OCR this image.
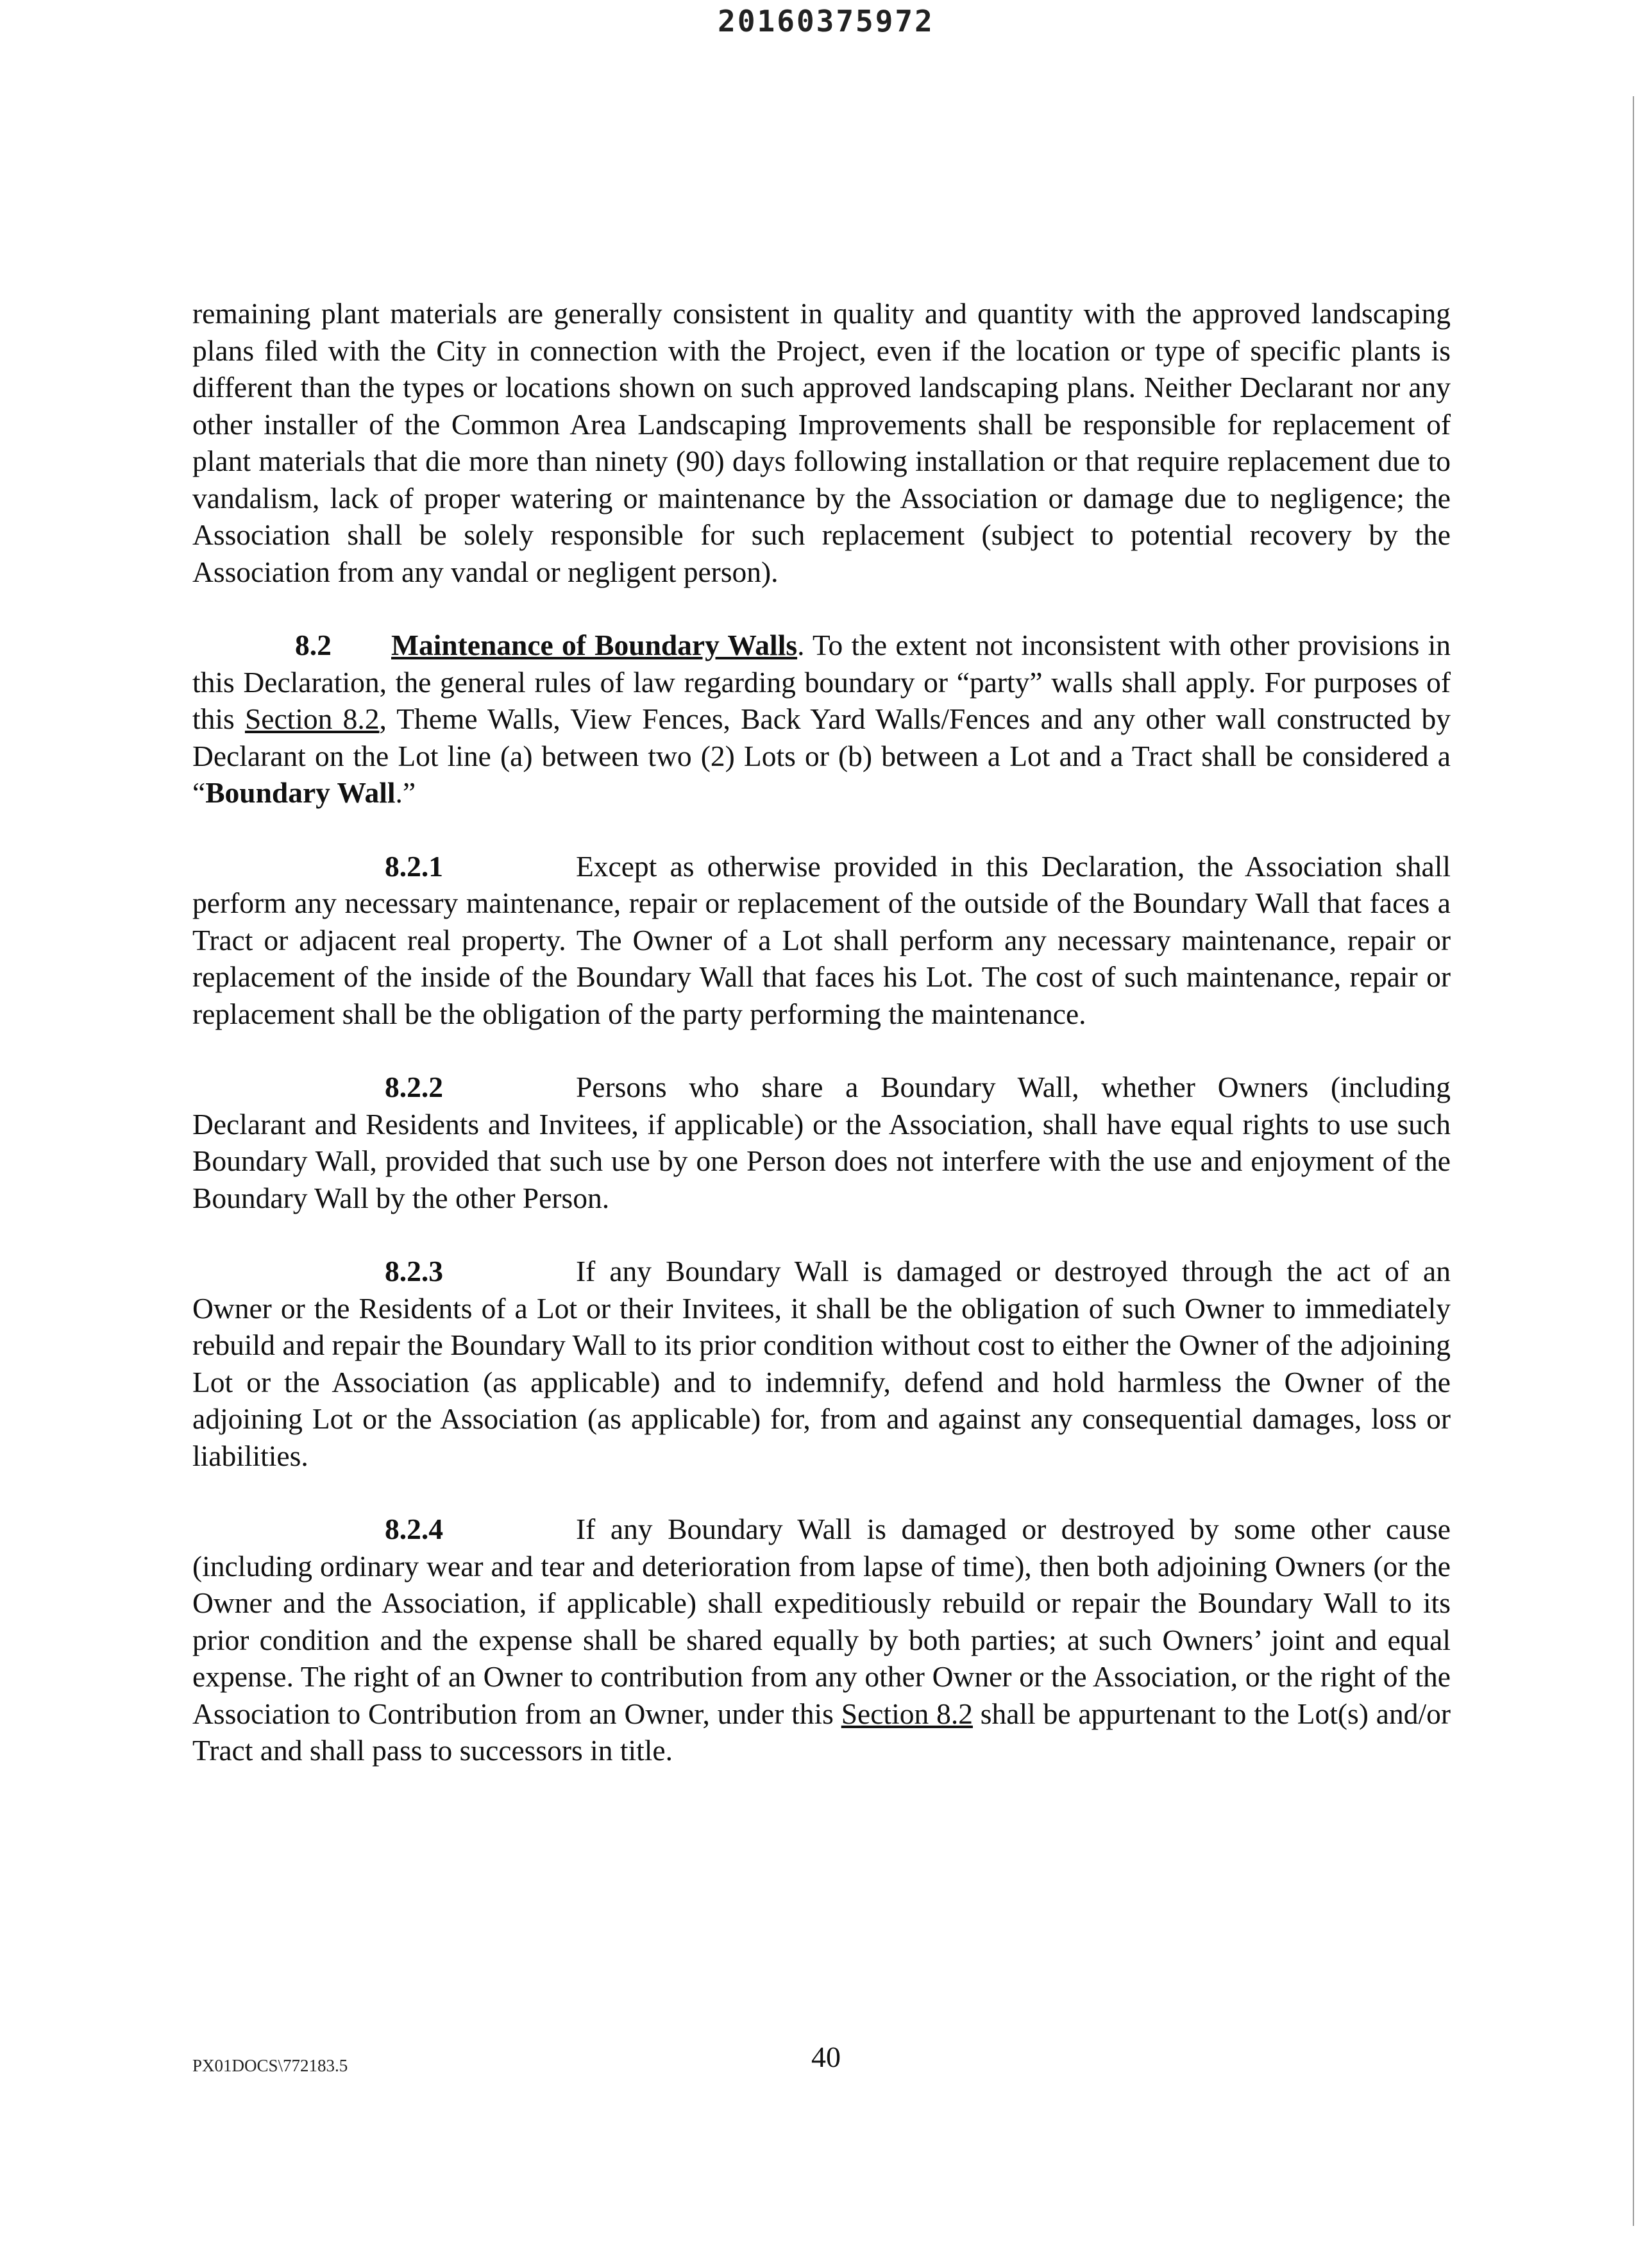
20160375972

remaining plant materials are generally consistent in quality and quantity with the approved landscaping plans filed with the City in connection with the Project, even if the location or type of specific plants is different than the types or locations shown on such approved landscaping plans. Neither Declarant nor any other installer of the Common Area Landscaping Improvements shall be responsible for replacement of plant materials that die more than ninety (90) days following installation or that require replacement due to vandalism, lack of proper watering or maintenance by the Association or damage due to negligence; the Association shall be solely responsible for such replacement (subject to potential recovery by the Association from any vandal or negligent person).

8.2 Maintenance of Boundary Walls. To the extent not inconsistent with other provisions in this Declaration, the general rules of law regarding boundary or “party” walls shall apply. For purposes of this Section 8.2, Theme Walls, View Fences, Back Yard Walls/Fences and any other wall constructed by Declarant on the Lot line (a) between two (2) Lots or (b) between a Lot and a Tract shall be considered a “Boundary Wall.”

8.2.1	Except as otherwise provided in this Declaration, the Association shall perform any necessary maintenance, repair or replacement of the outside of the Boundary Wall that faces a Tract or adjacent real property. The Owner of a Lot shall perform any necessary maintenance, repair or replacement of the inside of the Boundary Wall that faces his Lot. The cost of such maintenance, repair or replacement shall be the obligation of the party performing the maintenance.

8.2.2	Persons who share a Boundary Wall, whether Owners (including Declarant and Residents and Invitees, if applicable) or the Association, shall have equal rights to use such Boundary Wall, provided that such use by one Person does not interfere with the use and enjoyment of the Boundary Wall by the other Person.

8.2.3	If any Boundary Wall is damaged or destroyed through the act of an Owner or the Residents of a Lot or their Invitees, it shall be the obligation of such Owner to immediately rebuild and repair the Boundary Wall to its prior condition without cost to either the Owner of the adjoining Lot or the Association (as applicable) and to indemnify, defend and hold harmless the Owner of the adjoining Lot or the Association (as applicable) for, from and against any consequential damages, loss or liabilities.

8.2.4	If any Boundary Wall is damaged or destroyed by some other cause (including ordinary wear and tear and deterioration from lapse of time), then both adjoining Owners (or the Owner and the Association, if applicable) shall expeditiously rebuild or repair the Boundary Wall to its prior condition and the expense shall be shared equally by both parties; at such Owners’ joint and equal expense. The right of an Owner to contribution from any other Owner or the Association, or the right of the Association to Contribution from an Owner, under this Section 8.2 shall be appurtenant to the Lot(s) and/or Tract and shall pass to successors in title.

PX01DOCS\772183.5	40
